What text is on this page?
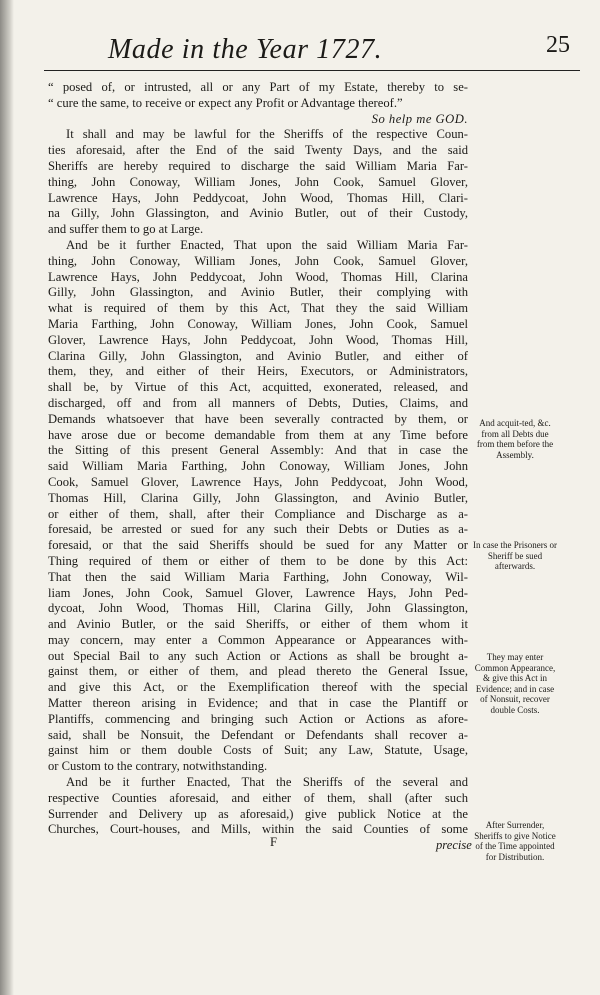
Made in the Year 1727.	25

“ posed of, or intrusted, all or any Part of my Estate, thereby to se-
“ cure the same, to receive or expect any Profit or Advantage thereof.”

So help me GOD.

It shall and may be lawful for the Sheriffs of the respective Coun-
ties aforesaid, after the End of the said Twenty Days, and the said
Sheriffs are hereby required to discharge the said William Maria Far-
thing, John Conoway, William Jones, John Cook, Samuel Glover,
Lawrence Hays, John Peddycoat, John Wood, Thomas Hill, Clari-
na Gilly, John Glassington, and Avinio Butler, out of their Custody,
and suffer them to go at Large.

And be it further Enacted, That upon the said William Maria Far-
thing, John Conoway, William Jones, John Cook, Samuel Glover,
Lawrence Hays, John Peddycoat, John Wood, Thomas Hill, Clarina
Gilly, John Glassington, and Avinio Butler, their complying with
what is required of them by this Act, That they the said William
Maria Farthing, John Conoway, William Jones, John Cook, Samuel
Glover, Lawrence Hays, John Peddycoat, John Wood, Thomas Hill,
Clarina Gilly, John Glassington, and Avinio Butler, and either of
them, they, and either of their Heirs, Executors, or Administrators,
shall be, by Virtue of this Act, acquitted, exonerated, released, and
discharged, off and from all manners of Debts, Duties, Claims, and
Demands whatsoever that have been severally contracted by them, or
have arose due or become demandable from them at any Time before
the Sitting of this present General Assembly: And that in case the
said William Maria Farthing, John Conoway, William Jones, John
Cook, Samuel Glover, Lawrence Hays, John Peddycoat, John Wood,
Thomas Hill, Clarina Gilly, John Glassington, and Avinio Butler,
or either of them, shall, after their Compliance and Discharge as a-
foresaid, be arrested or sued for any such their Debts or Duties as a-
foresaid, or that the said Sheriffs should be sued for any Matter or
Thing required of them or either of them to be done by this Act:
That then the said William Maria Farthing, John Conoway, Wil-
liam Jones, John Cook, Samuel Glover, Lawrence Hays, John Ped-
dycoat, John Wood, Thomas Hill, Clarina Gilly, John Glassington,
and Avinio Butler, or the said Sheriffs, or either of them whom it
may concern, may enter a Common Appearance or Appearances with-
out Special Bail to any such Action or Actions as shall be brought a-
gainst them, or either of them, and plead thereto the General Issue,
and give this Act, or the Exemplification thereof with the special
Matter thereon arising in Evidence; and that in case the Plantiff or
Plantiffs, commencing and bringing such Action or Actions as afore-
said, shall be Nonsuit, the Defendant or Defendants shall recover a-
gainst him or them double Costs of Suit; any Law, Statute, Usage,
or Custom to the contrary, notwithstanding.

And be it further Enacted, That the Sheriffs of the several and
respective Counties aforesaid, and either of them, shall (after such
Surrender and Delivery up as aforesaid,) give publick Notice at the
Churches, Court-houses, and Mills, within the said Counties of some

F	precise
And acquit-ted, &c. from all Debts due from them before the Assembly.
In case the Prisoners or Sheriff be sued afterwards.
They may enter Common Appearance, & give this Act in Evidence; and in case of Nonsuit, recover double Costs.
After Surrender, Sheriffs to give Notice of the Time appointed for Distribution.
